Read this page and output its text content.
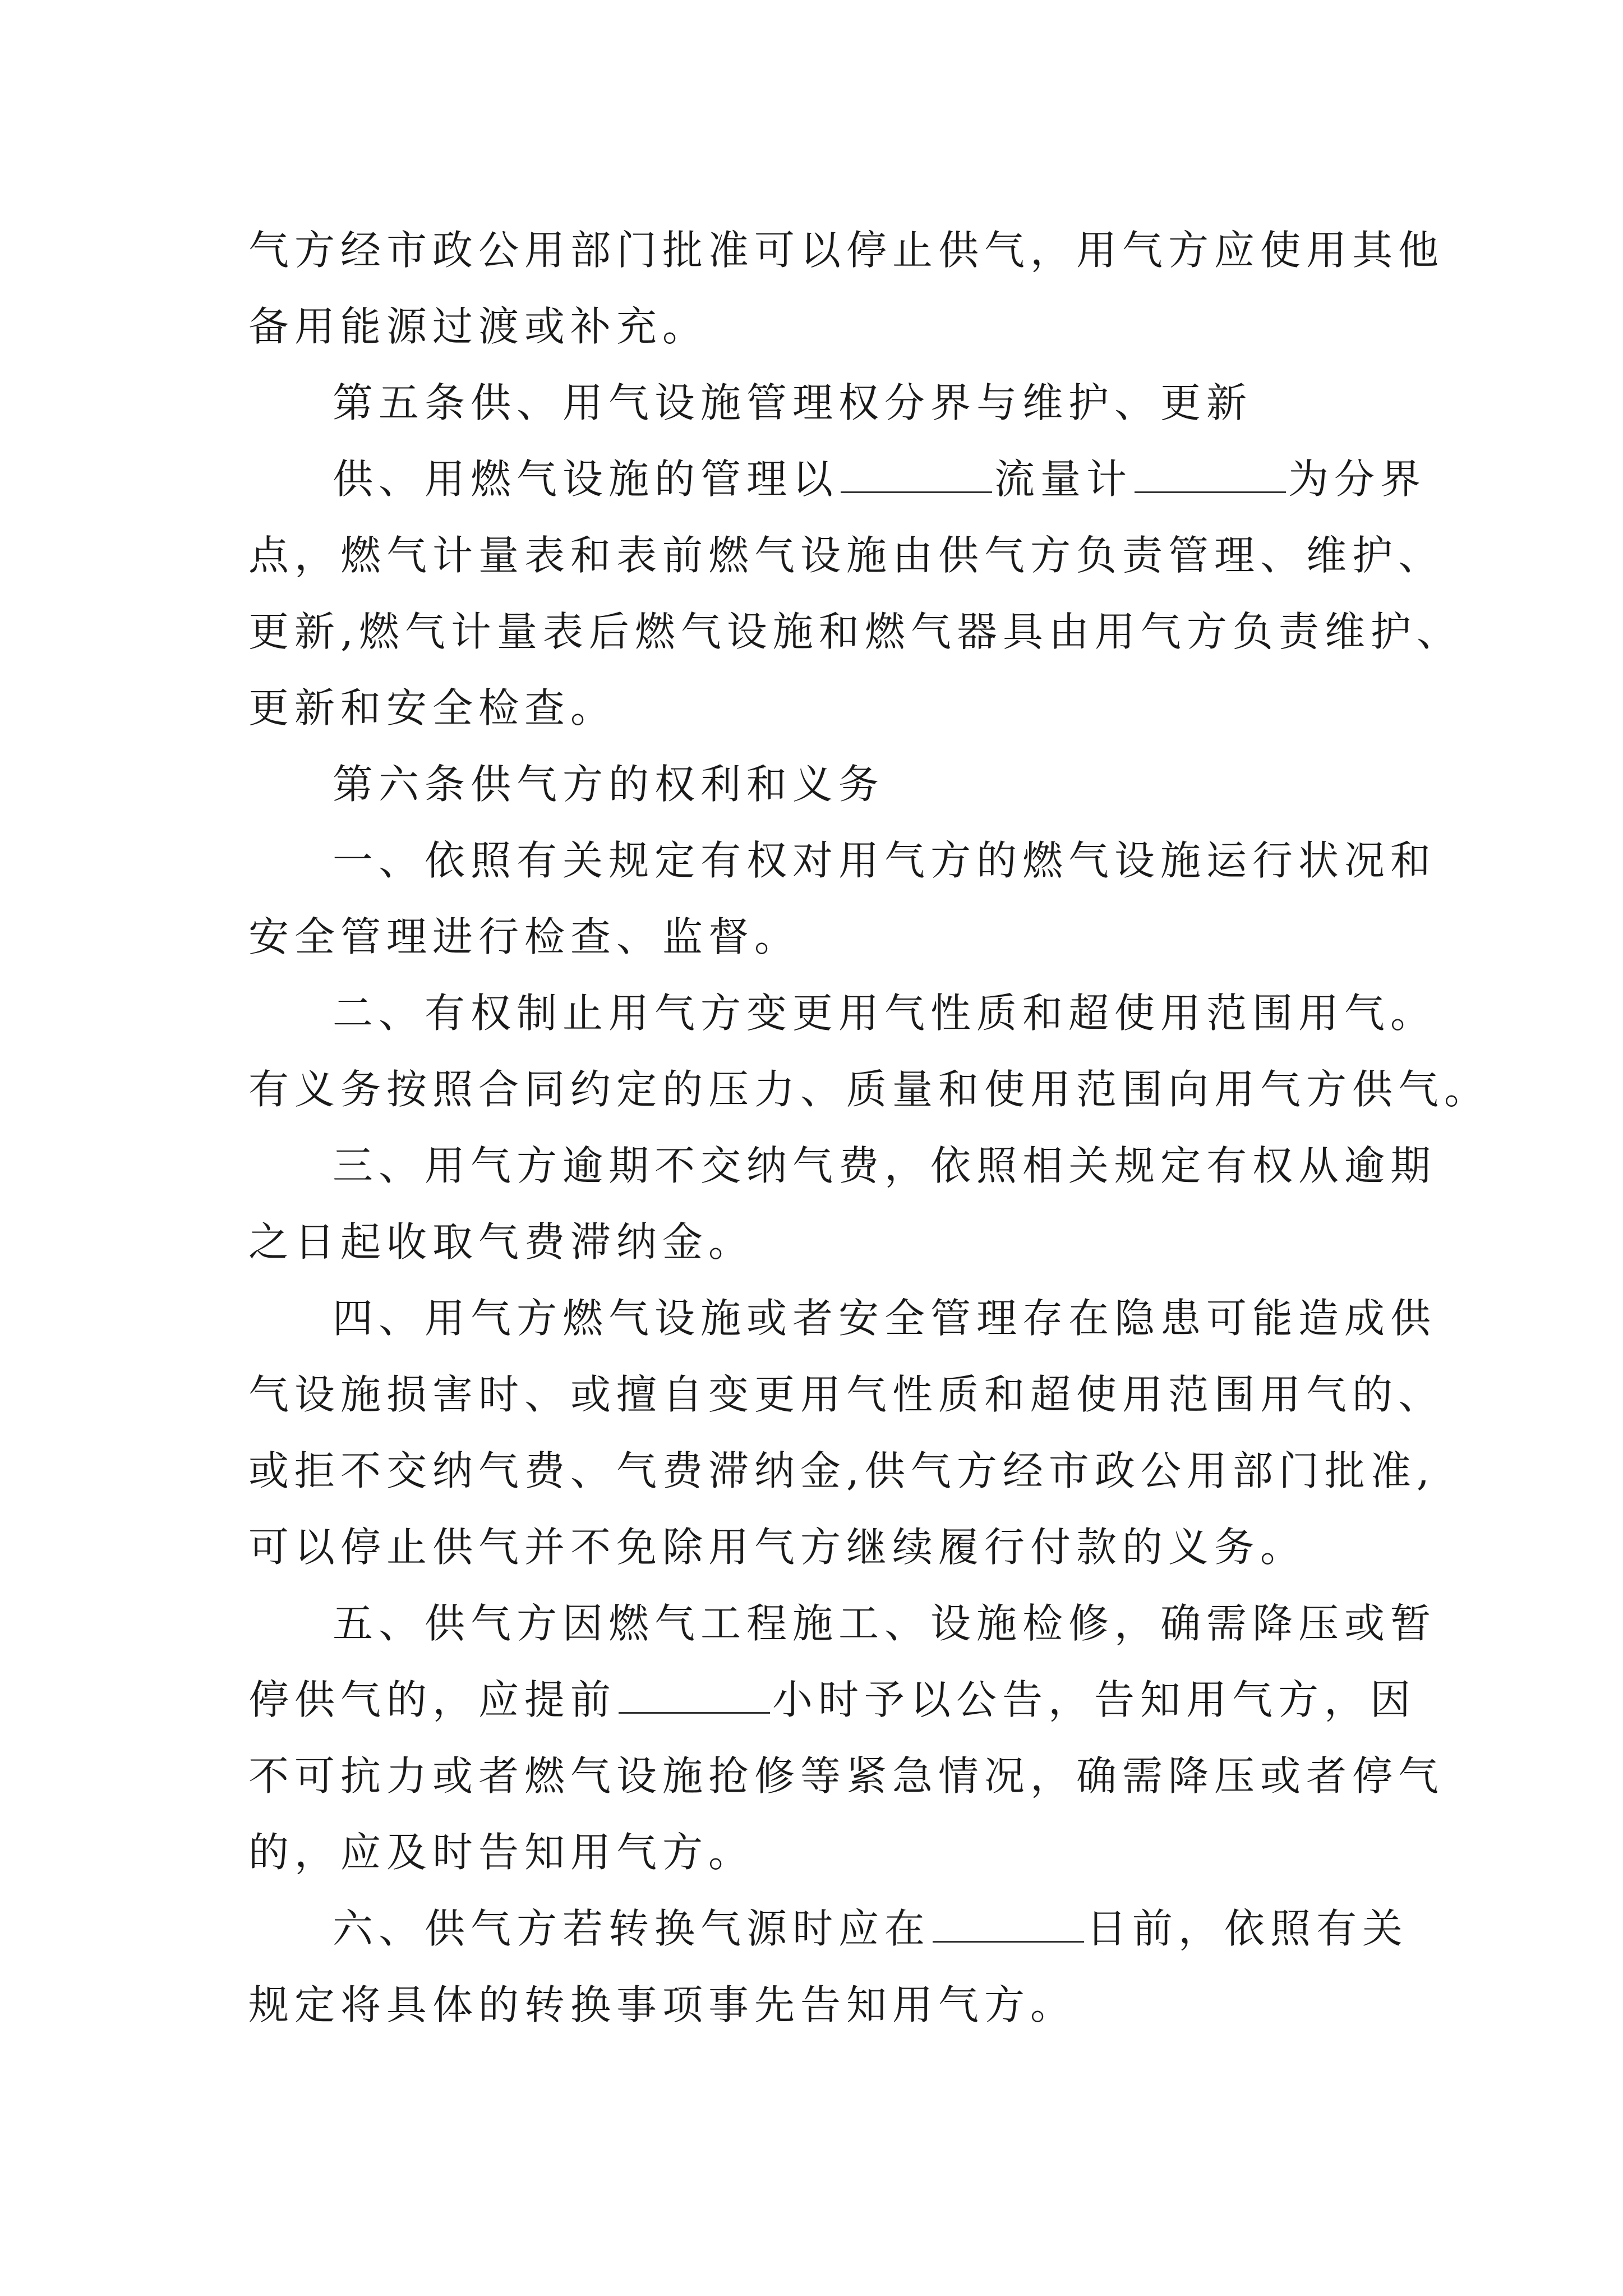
气方经市政公用部门批准可以停止供气，用气方应使用其他
备用能源过渡或补充。
第五条供、用气设施管理权分界与维护、更新
供、用燃气设施的管理以	流量计	为分界
点，燃气计量表和表前燃气设施由供气方负责管理、维护、
更新,燃气计量表后燃气设施和燃气器具由用气方负责维护、
更新和安全检查。
第六条供气方的权利和义务
一、依照有关规定有权对用气方的燃气设施运行状况和
安全管理进行检查、监督。
二、有权制止用气方变更用气性质和超使用范围用气。
有义务按照合同约定的压力、质量和使用范围向用气方供气。
三、用气方逾期不交纳气费，依照相关规定有权从逾期
之日起收取气费滞纳金。
四、用气方燃气设施或者安全管理存在隐患可能造成供
气设施损害时、或擅自变更用气性质和超使用范围用气的、
或拒不交纳气费、气费滞纳金,供气方经市政公用部门批准,
可以停止供气并不免除用气方继续履行付款的义务。
五、供气方因燃气工程施工、设施检修，确需降压或暂
停供气的，应提前	小时予以公告，告知用气方，因
不可抗力或者燃气设施抢修等紧急情况，确需降压或者停气
的，应及时告知用气方。
六、供气方若转换气源时应在	日前，依照有关
规定将具体的转换事项事先告知用气方。
